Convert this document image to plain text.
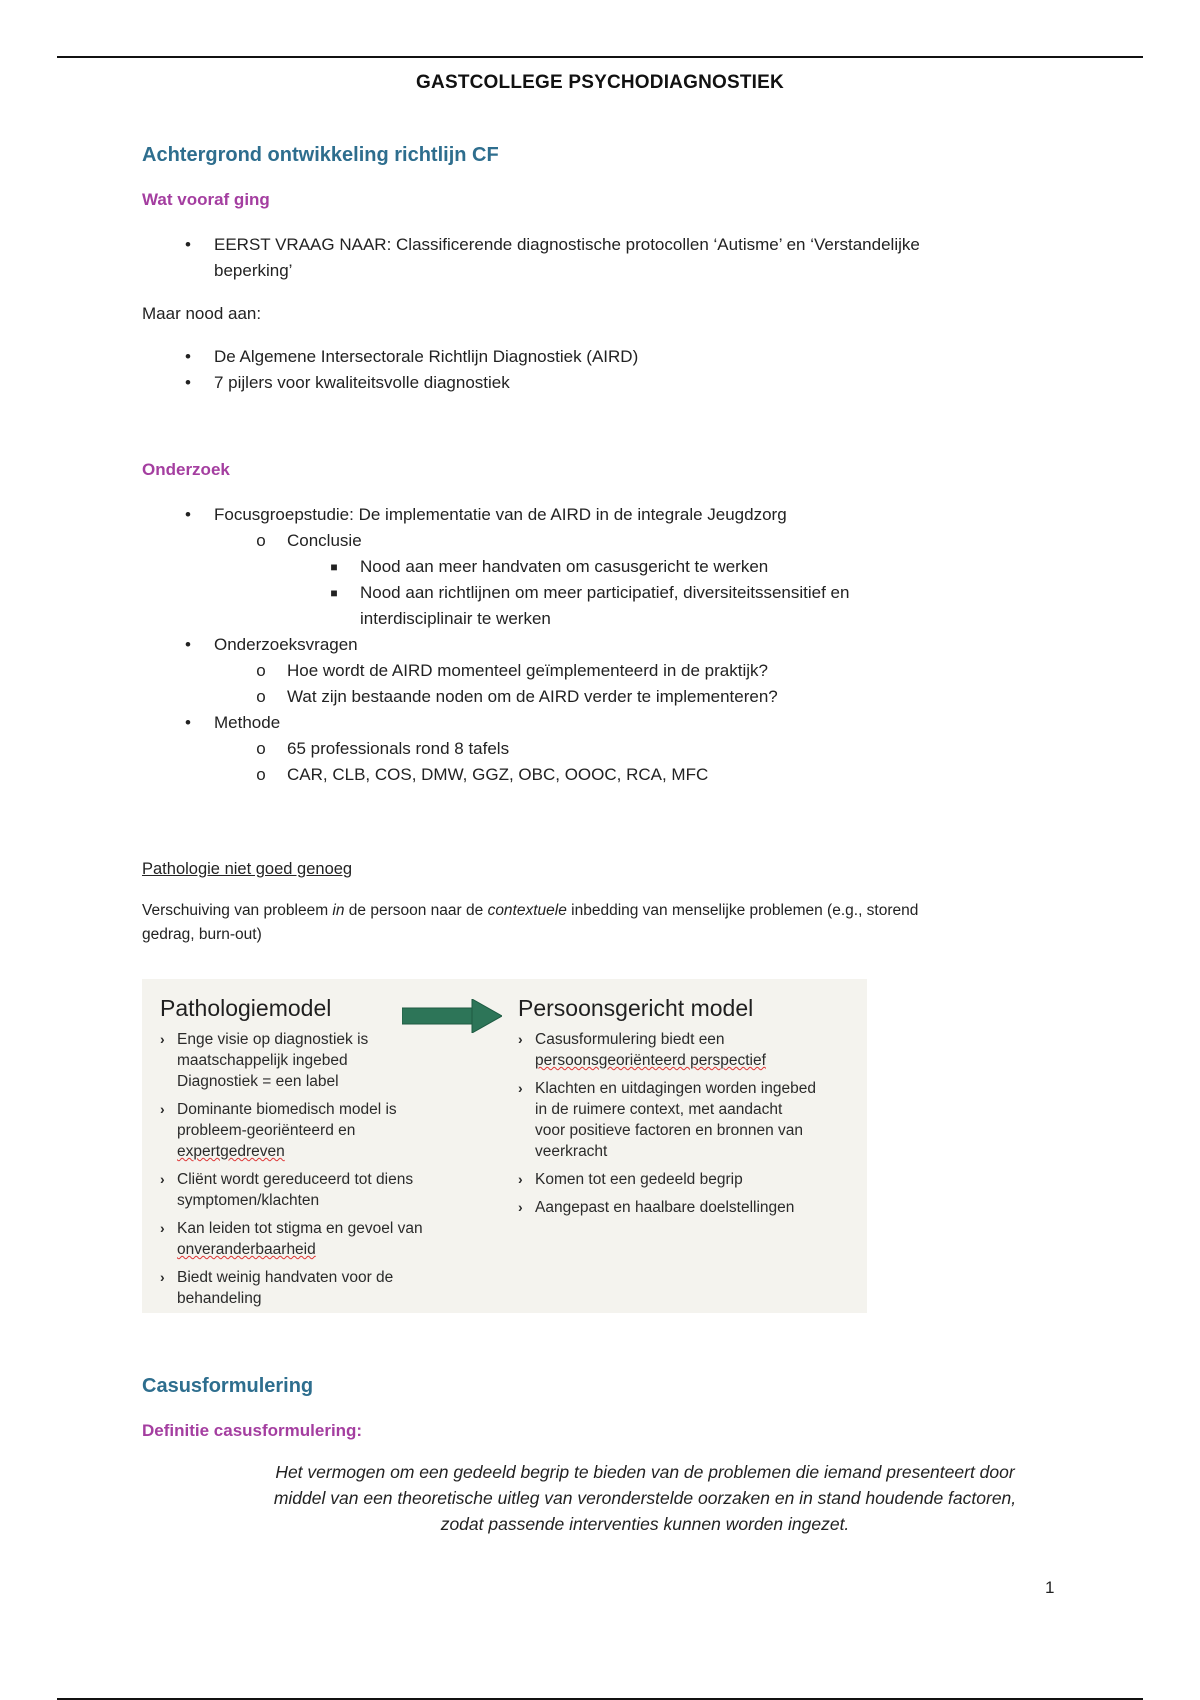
GASTCOLLEGE PSYCHODIAGNOSTIEK
Achtergrond ontwikkeling richtlijn CF
Wat vooraf ging
•	EERST VRAAG NAAR: Classificerende diagnostische protocollen ‘Autisme’ en ‘Verstandelijke
beperking’
Maar nood aan:
•	De Algemene Intersectorale Richtlijn Diagnostiek (AIRD)
•	7 pijlers voor kwaliteitsvolle diagnostiek
Onderzoek
•	Focusgroepstudie: De implementatie van de AIRD in de integrale Jeugdzorg
o	Conclusie
■	Nood aan meer handvaten om casusgericht te werken
■	Nood aan richtlijnen om meer participatief, diversiteitssensitief en
interdisciplinair te werken
•	Onderzoeksvragen
o	Hoe wordt de AIRD momenteel geïmplementeerd in de praktijk?
o	Wat zijn bestaande noden om de AIRD verder te implementeren?
•	Methode
o	65 professionals rond 8 tafels
o	CAR, CLB, COS, DMW, GGZ, OBC, OOOC, RCA, MFC
Pathologie niet goed genoeg
Verschuiving van probleem in de persoon naar de contextuele inbedding van menselijke problemen (e.g., storend
gedrag, burn-out)
Pathologiemodel	Persoonsgericht model
› Enge visie op diagnostiek is
maatschappelijk ingebed
Diagnostiek = een label
› Dominante biomedisch model is
probleem-georiënteerd en
expertgedreven
› Cliënt wordt gereduceerd tot diens
symptomen/klachten
› Kan leiden tot stigma en gevoel van
onveranderbaarheid
› Biedt weinig handvaten voor de
behandeling
› Casusformulering biedt een
persoonsgeoriënteerd perspectief
› Klachten en uitdagingen worden ingebed
in de ruimere context, met aandacht
voor positieve factoren en bronnen van
veerkracht
› Komen tot een gedeeld begrip
› Aangepast en haalbare doelstellingen
Casusformulering
Definitie casusformulering:
Het vermogen om een gedeeld begrip te bieden van de problemen die iemand presenteert door
middel van een theoretische uitleg van veronderstelde oorzaken en in stand houdende factoren,
zodat passende interventies kunnen worden ingezet.
1
